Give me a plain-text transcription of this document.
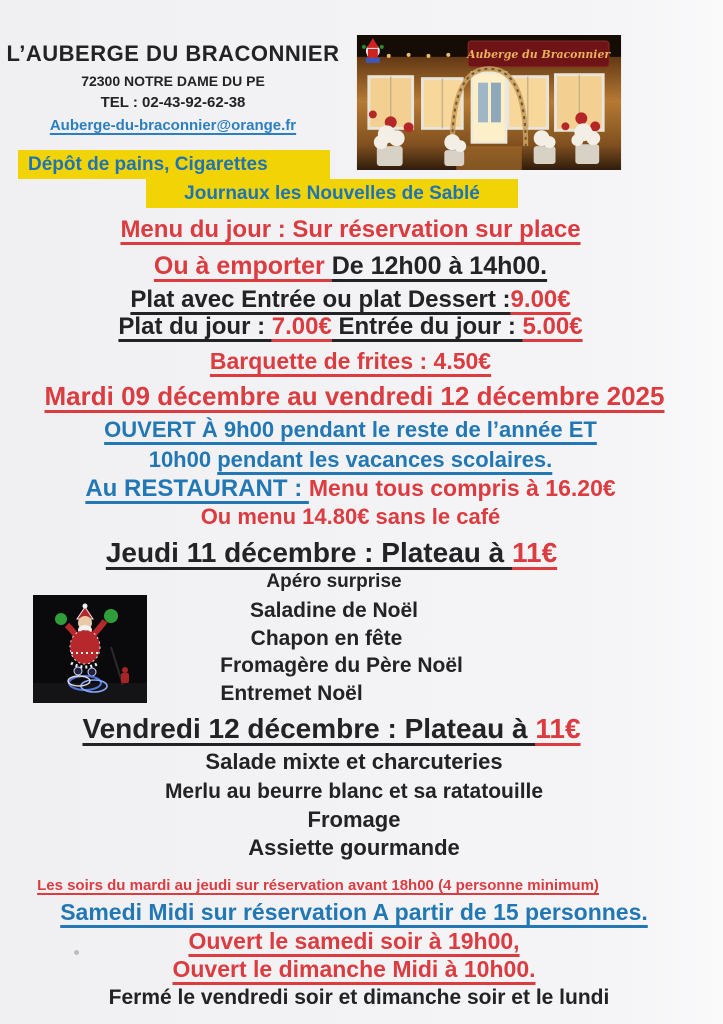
L’AUBERGE DU BRACONNIER
72300 NOTRE DAME DU PE
TEL : 02-43-92-62-38
Auberge-du-braconnier@orange.fr
Auberge du Braconnier
Dépôt de pains, Cigarettes
Journaux les Nouvelles de Sablé
Menu du jour : Sur réservation sur place
Ou à emporter De 12h00 à 14h00.
Plat avec Entrée ou plat Dessert :9.00€
Plat du jour : 7.00€ Entrée du jour : 5.00€
Barquette de frites : 4.50€
Mardi 09 décembre au vendredi 12 décembre 2025
OUVERT À 9h00 pendant le reste de l’année ET
10h00 pendant les vacances scolaires.
Au RESTAURANT : Menu tous compris à 16.20€
Ou menu 14.80€ sans le café
Jeudi 11 décembre : Plateau à 11€
Apéro surprise
Saladine de Noël
Chapon en fête
Fromagère du Père Noël
Entremet Noël
Vendredi 12 décembre : Plateau à 11€
Salade mixte et charcuteries
Merlu au beurre blanc et sa ratatouille
Fromage
Assiette gourmande
Les soirs du mardi au jeudi sur réservation avant 18h00 (4 personne minimum)
Samedi Midi sur réservation A partir de 15 personnes.
Ouvert le samedi soir à 19h00,
Ouvert le dimanche Midi à 10h00.
Fermé le vendredi soir et dimanche soir et le lundi
